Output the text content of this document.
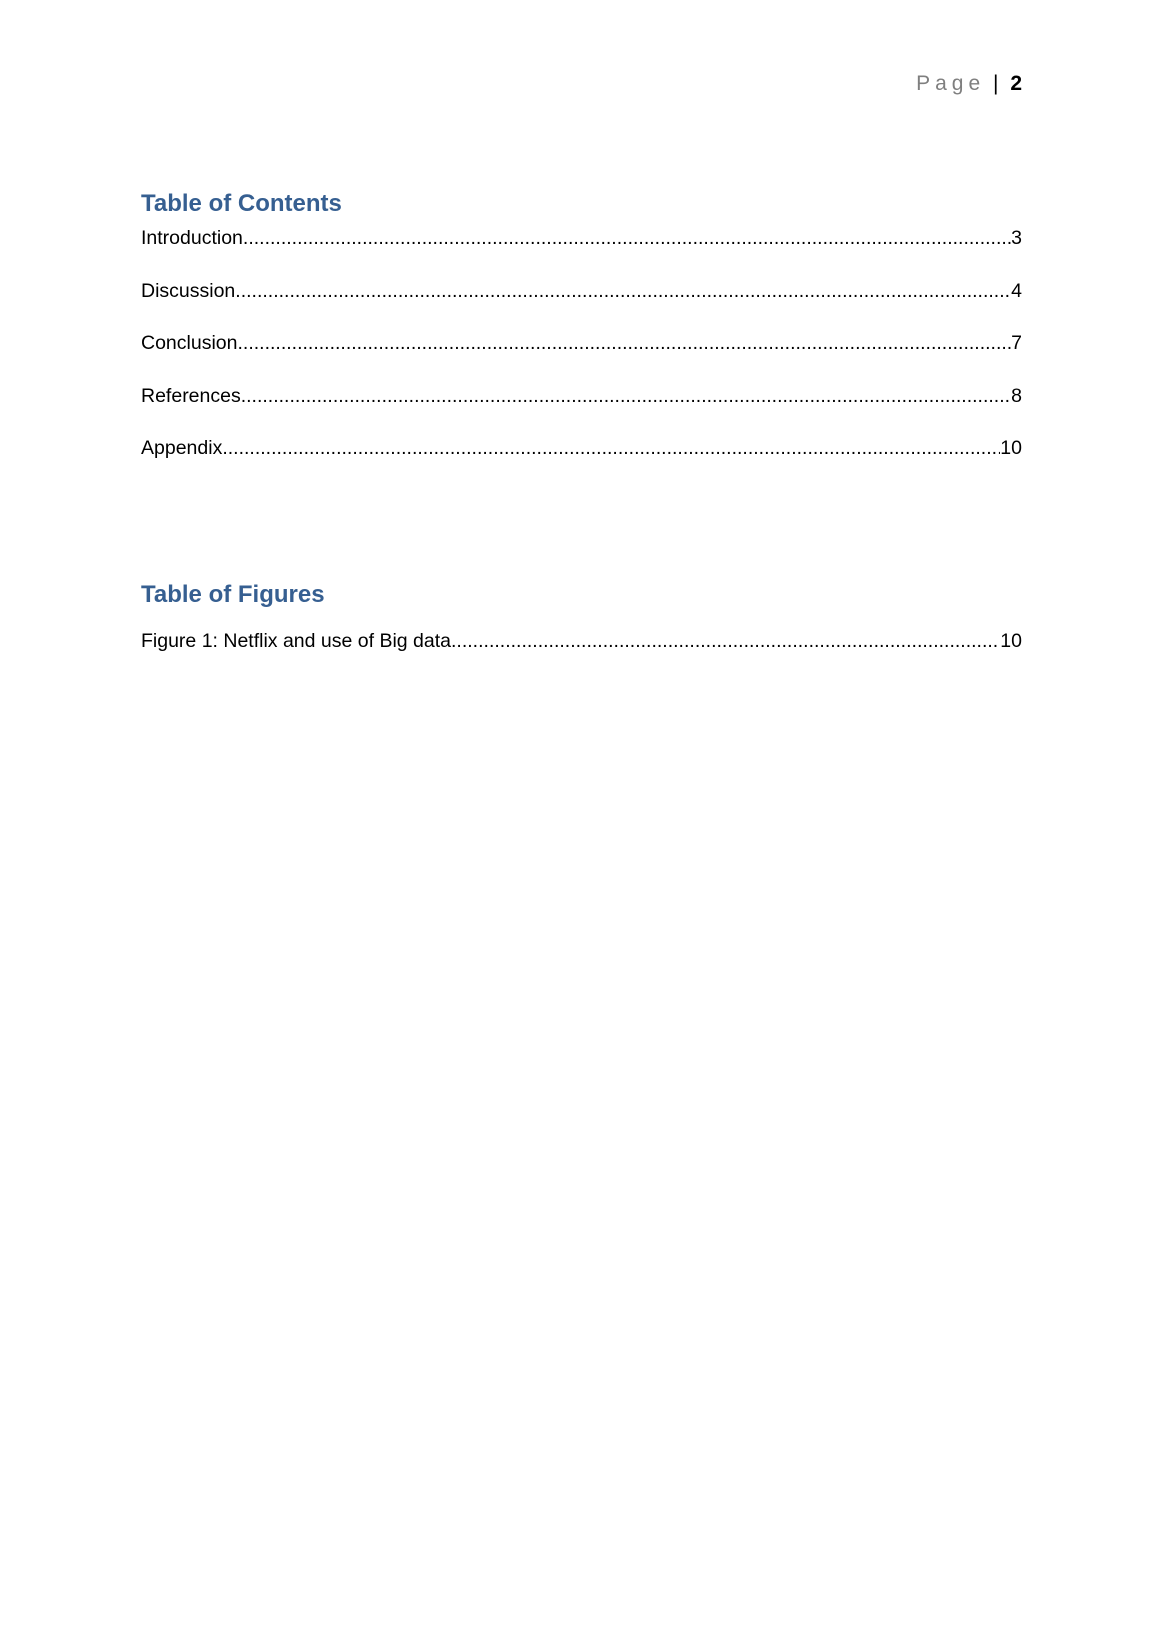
Page | 2
Table of Contents
Introduction .....	3
Discussion .....	4
Conclusion .....	7
References .....	8
Appendix .....	10
Table of Figures
Figure 1: Netflix and use of Big data .....	10
